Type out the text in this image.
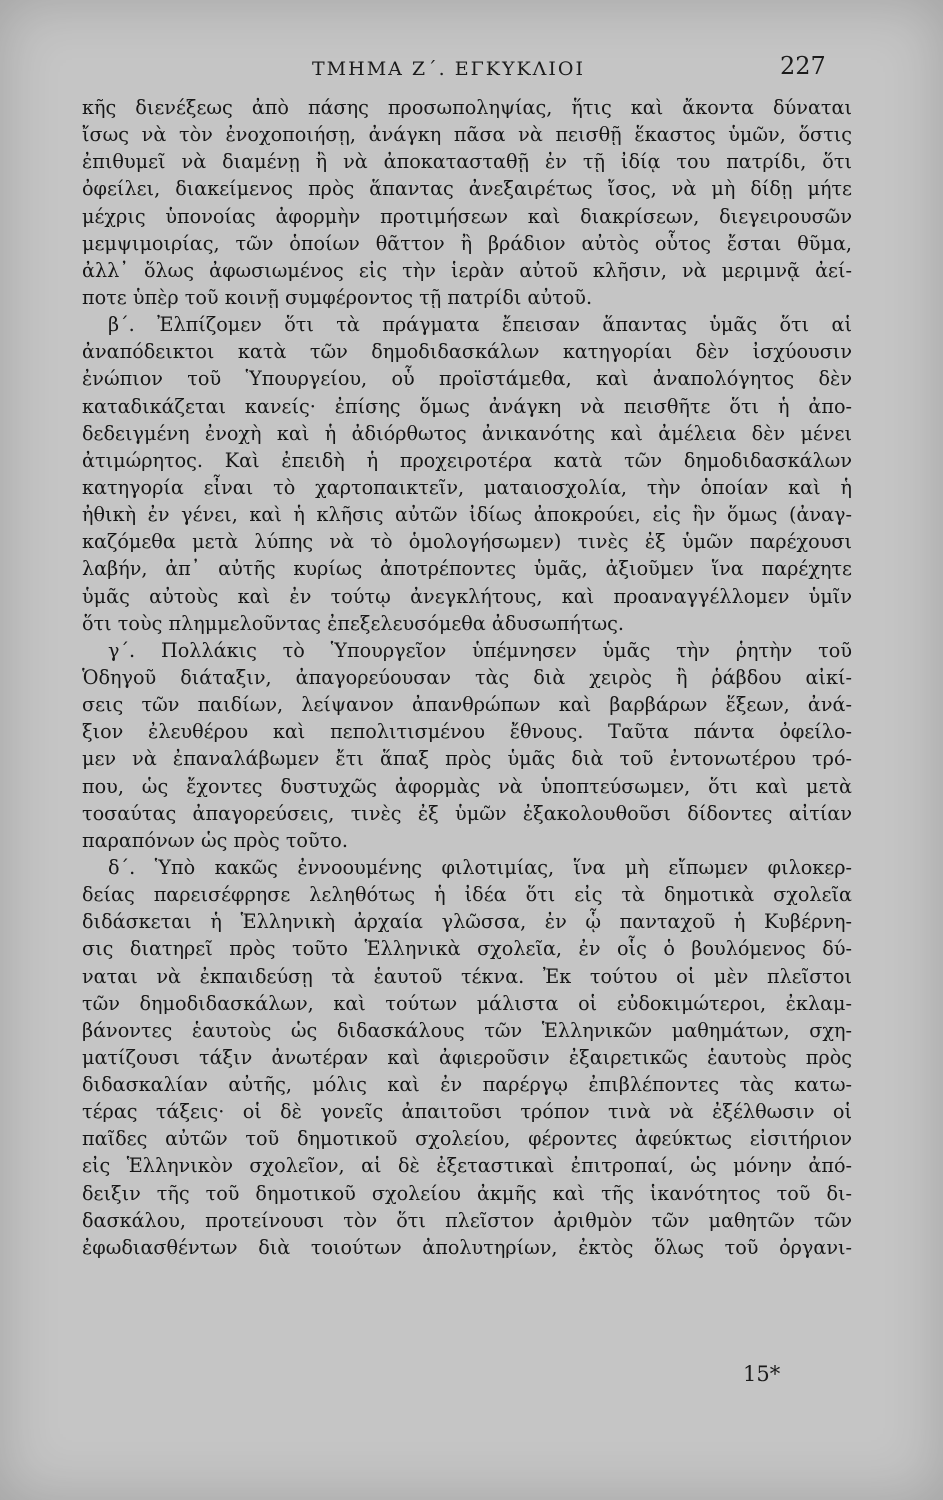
ΤΜΗΜΑ Ζ΄. ΕΓΚΥΚΛΙΟΙ	227
κῆς διενέξεως ἀπὸ πάσης προσωποληψίας, ἥτις καὶ ἄκοντα δύναται
ἴσως νὰ τὸν ἐνοχοποιήσῃ, ἀνάγκη πᾶσα νὰ πεισθῇ ἕκαστος ὑμῶν, ὅστις
ἐπιθυμεῖ νὰ διαμένῃ ἢ νὰ ἀποκατασταθῇ ἐν τῇ ἰδίᾳ του πατρίδι, ὅτι
ὀφείλει, διακείμενος πρὸς ἅπαντας ἀνεξαιρέτως ἴσος, νὰ μὴ δίδῃ μήτε
μέχρις ὑπονοίας ἀφορμὴν προτιμήσεων καὶ διακρίσεων, διεγειρουσῶν
μεμψιμοιρίας, τῶν ὁποίων θᾶττον ἢ βράδιον αὐτὸς οὗτος ἔσται θῦμα,
ἀλλ᾽ ὅλως ἀφωσιωμένος εἰς τὴν ἱερὰν αὐτοῦ κλῆσιν, νὰ μεριμνᾷ ἀεί-
ποτε ὑπὲρ τοῦ κοινῇ συμφέροντος τῇ πατρίδι αὐτοῦ.
β΄. Ἐλπίζομεν ὅτι τὰ πράγματα ἔπεισαν ἅπαντας ὑμᾶς ὅτι αἱ
ἀναπόδεικτοι κατὰ τῶν δημοδιδασκάλων κατηγορίαι δὲν ἰσχύουσιν
ἐνώπιον τοῦ Ὑπουργείου, οὗ προϊστάμεθα, καὶ ἀναπολόγητος δὲν
καταδικάζεται κανείς· ἐπίσης ὅμως ἀνάγκη νὰ πεισθῆτε ὅτι ἡ ἀπο-
δεδειγμένη ἐνοχὴ καὶ ἡ ἀδιόρθωτος ἀνικανότης καὶ ἀμέλεια δὲν μένει
ἀτιμώρητος. Καὶ ἐπειδὴ ἡ προχειροτέρα κατὰ τῶν δημοδιδασκάλων
κατηγορία εἶναι τὸ χαρτοπαικτεῖν, ματαιοσχολία, τὴν ὁποίαν καὶ ἡ
ἠθικὴ ἐν γένει, καὶ ἡ κλῆσις αὐτῶν ἰδίως ἀποκρούει, εἰς ἣν ὅμως (ἀναγ-
καζόμεθα μετὰ λύπης νὰ τὸ ὁμολογήσωμεν) τινὲς ἐξ ὑμῶν παρέχουσι
λαβήν, ἀπ᾽ αὐτῆς κυρίως ἀποτρέποντες ὑμᾶς, ἀξιοῦμεν ἵνα παρέχητε
ὑμᾶς αὐτοὺς καὶ ἐν τούτῳ ἀνεγκλήτους, καὶ προαναγγέλλομεν ὑμῖν
ὅτι τοὺς πλημμελοῦντας ἐπεξελευσόμεθα ἀδυσωπήτως.
γ΄. Πολλάκις τὸ Ὑπουργεῖον ὑπέμνησεν ὑμᾶς τὴν ῥητὴν τοῦ
Ὁδηγοῦ διάταξιν, ἀπαγορεύουσαν τὰς διὰ χειρὸς ἢ ῥάβδου αἰκί-
σεις τῶν παιδίων, λείψανον ἀπανθρώπων καὶ βαρβάρων ἕξεων, ἀνά-
ξιον ἐλευθέρου καὶ πεπολιτισμένου ἔθνους. Ταῦτα πάντα ὀφείλο-
μεν νὰ ἐπαναλάβωμεν ἔτι ἅπαξ πρὸς ὑμᾶς διὰ τοῦ ἐντονωτέρου τρό-
που, ὡς ἔχοντες δυστυχῶς ἀφορμὰς νὰ ὑποπτεύσωμεν, ὅτι καὶ μετὰ
τοσαύτας ἀπαγορεύσεις, τινὲς ἐξ ὑμῶν ἐξακολουθοῦσι δίδοντες αἰτίαν
παραπόνων ὡς πρὸς τοῦτο.
δ΄. Ὑπὸ κακῶς ἐννοουμένης φιλοτιμίας, ἵνα μὴ εἴπωμεν φιλοκερ-
δείας παρεισέφρησε λεληθότως ἡ ἰδέα ὅτι εἰς τὰ δημοτικὰ σχολεῖα
διδάσκεται ἡ Ἑλληνικὴ ἀρχαία γλῶσσα, ἐν ᾧ πανταχοῦ ἡ Κυβέρνη-
σις διατηρεῖ πρὸς τοῦτο Ἑλληνικὰ σχολεῖα, ἐν οἷς ὁ βουλόμενος δύ-
ναται νὰ ἐκπαιδεύσῃ τὰ ἑαυτοῦ τέκνα. Ἐκ τούτου οἱ μὲν πλεῖστοι
τῶν δημοδιδασκάλων, καὶ τούτων μάλιστα οἱ εὐδοκιμώτεροι, ἐκλαμ-
βάνοντες ἑαυτοὺς ὡς διδασκάλους τῶν Ἑλληνικῶν μαθημάτων, σχη-
ματίζουσι τάξιν ἀνωτέραν καὶ ἀφιεροῦσιν ἐξαιρετικῶς ἑαυτοὺς πρὸς
διδασκαλίαν αὐτῆς, μόλις καὶ ἐν παρέργῳ ἐπιβλέποντες τὰς κατω-
τέρας τάξεις· οἱ δὲ γονεῖς ἀπαιτοῦσι τρόπον τινὰ νὰ ἐξέλθωσιν οἱ
παῖδες αὐτῶν τοῦ δημοτικοῦ σχολείου, φέροντες ἀφεύκτως εἰσιτήριον
εἰς Ἑλληνικὸν σχολεῖον, αἱ δὲ ἐξεταστικαὶ ἐπιτροπαί, ὡς μόνην ἀπό-
δειξιν τῆς τοῦ δημοτικοῦ σχολείου ἀκμῆς καὶ τῆς ἱκανότητος τοῦ δι-
δασκάλου, προτείνουσι τὸν ὅτι πλεῖστον ἀριθμὸν τῶν μαθητῶν τῶν
ἐφωδιασθέντων διὰ τοιούτων ἀπολυτηρίων, ἐκτὸς ὅλως τοῦ ὀργανι-
15*
